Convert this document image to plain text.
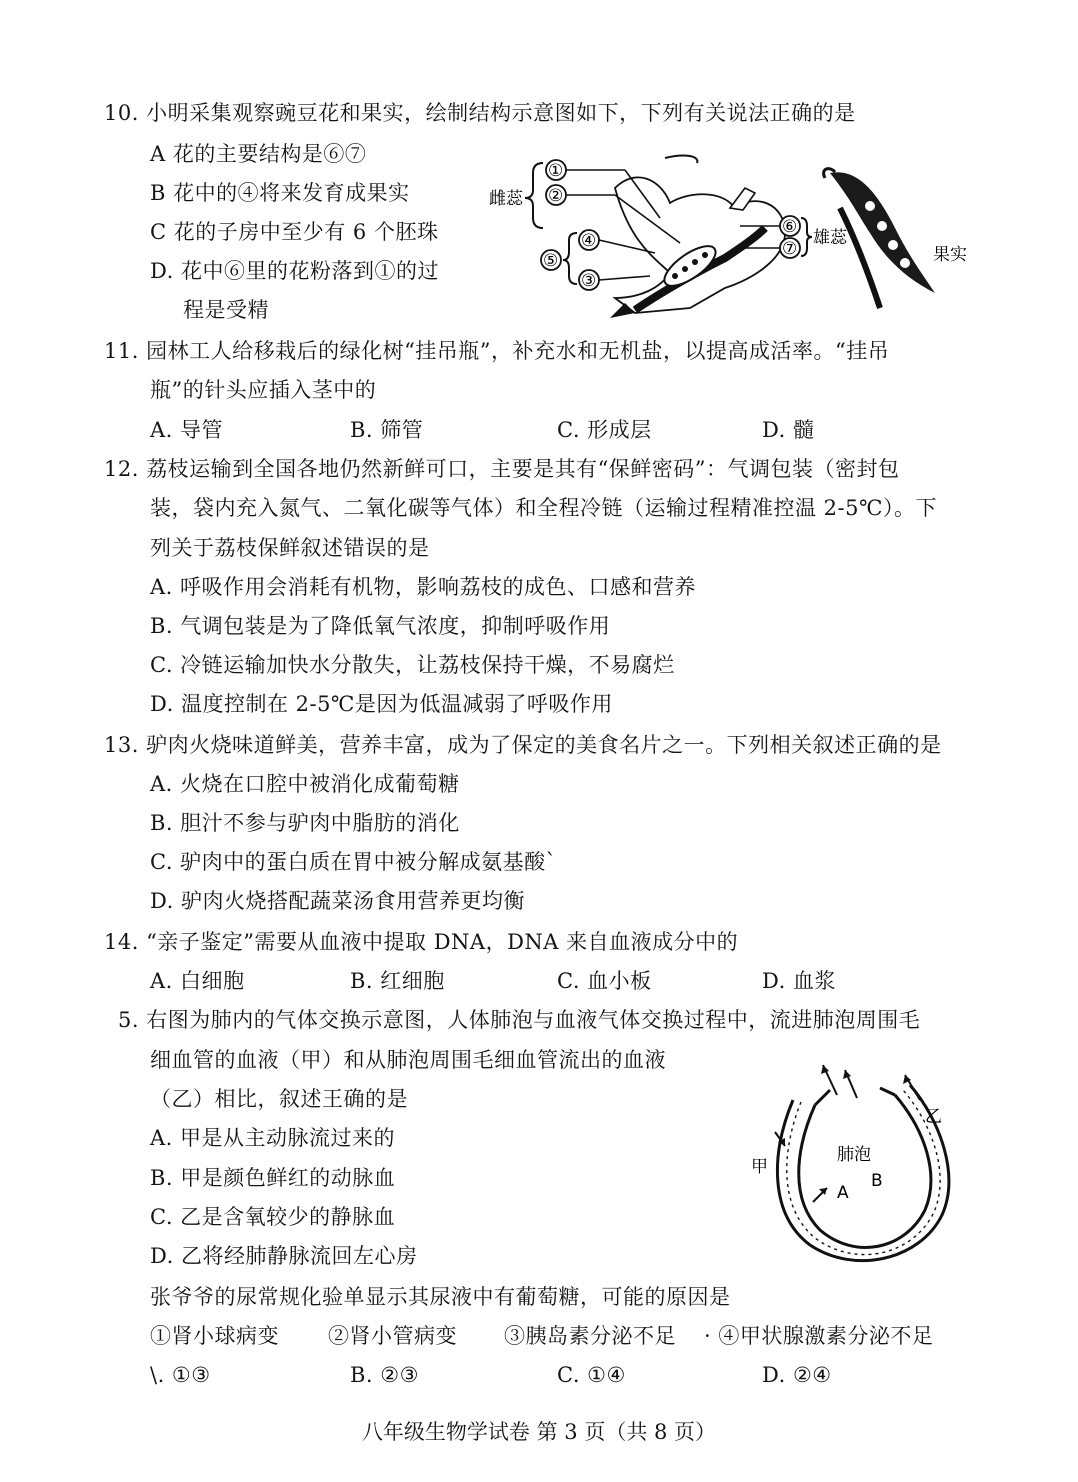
10. 小明采集观察豌豆花和果实，绘制结构示意图如下，下列有关说法正确的是
A 花的主要结构是⑥⑦
B 花中的④将来发育成果实
C 花的子房中至少有 6 个胚珠
D. 花中⑥里的花粉落到①的过
程是受精
雌蕊
①
②
⑤
④
③
⑥
⑦
雄蕊
果实
11. 园林工人给移栽后的绿化树“挂吊瓶”，补充水和无机盐，以提高成活率。“挂吊
瓶”的针头应插入茎中的
A. 导管	B. 筛管	C. 形成层	D. 髓
12. 荔枝运输到全国各地仍然新鲜可口，主要是其有“保鲜密码”：气调包装（密封包
装，袋内充入氮气、二氧化碳等气体）和全程冷链（运输过程精准控温 2-5℃）。下
列关于荔枝保鲜叙述错误的是
A. 呼吸作用会消耗有机物，影响荔枝的成色、口感和营养
B. 气调包装是为了降低氧气浓度，抑制呼吸作用
C. 冷链运输加快水分散失，让荔枝保持干燥，不易腐烂
D. 温度控制在 2-5℃是因为低温减弱了呼吸作用
13. 驴肉火烧味道鲜美，营养丰富，成为了保定的美食名片之一。下列相关叙述正确的是
A. 火烧在口腔中被消化成葡萄糖
B. 胆汁不参与驴肉中脂肪的消化
C. 驴肉中的蛋白质在胃中被分解成氨基酸`
D. 驴肉火烧搭配蔬菜汤食用营养更均衡
14. “亲子鉴定”需要从血液中提取 DNA，DNA 来自血液成分中的
A. 白细胞	B. 红细胞	C. 血小板	D. 血浆
5. 右图为肺内的气体交换示意图，人体肺泡与血液气体交换过程中，流进肺泡周围毛
细血管的血液（甲）和从肺泡周围毛细血管流出的血液
（乙）相比，叙述王确的是
A. 甲是从主动脉流过来的
B. 甲是颜色鲜红的动脉血
C. 乙是含氧较少的静脉血
D. 乙将经肺静脉流回左心房
肺泡
甲
乙
A
B
张爷爷的尿常规化验单显示其尿液中有葡萄糖，可能的原因是
①肾小球病变 ②肾小管病变 ③胰岛素分泌不足 · ④甲状腺激素分泌不足
\. ①③	B. ②③	C. ①④	D. ②④
八年级生物学试卷 第 3 页（共 8 页）
